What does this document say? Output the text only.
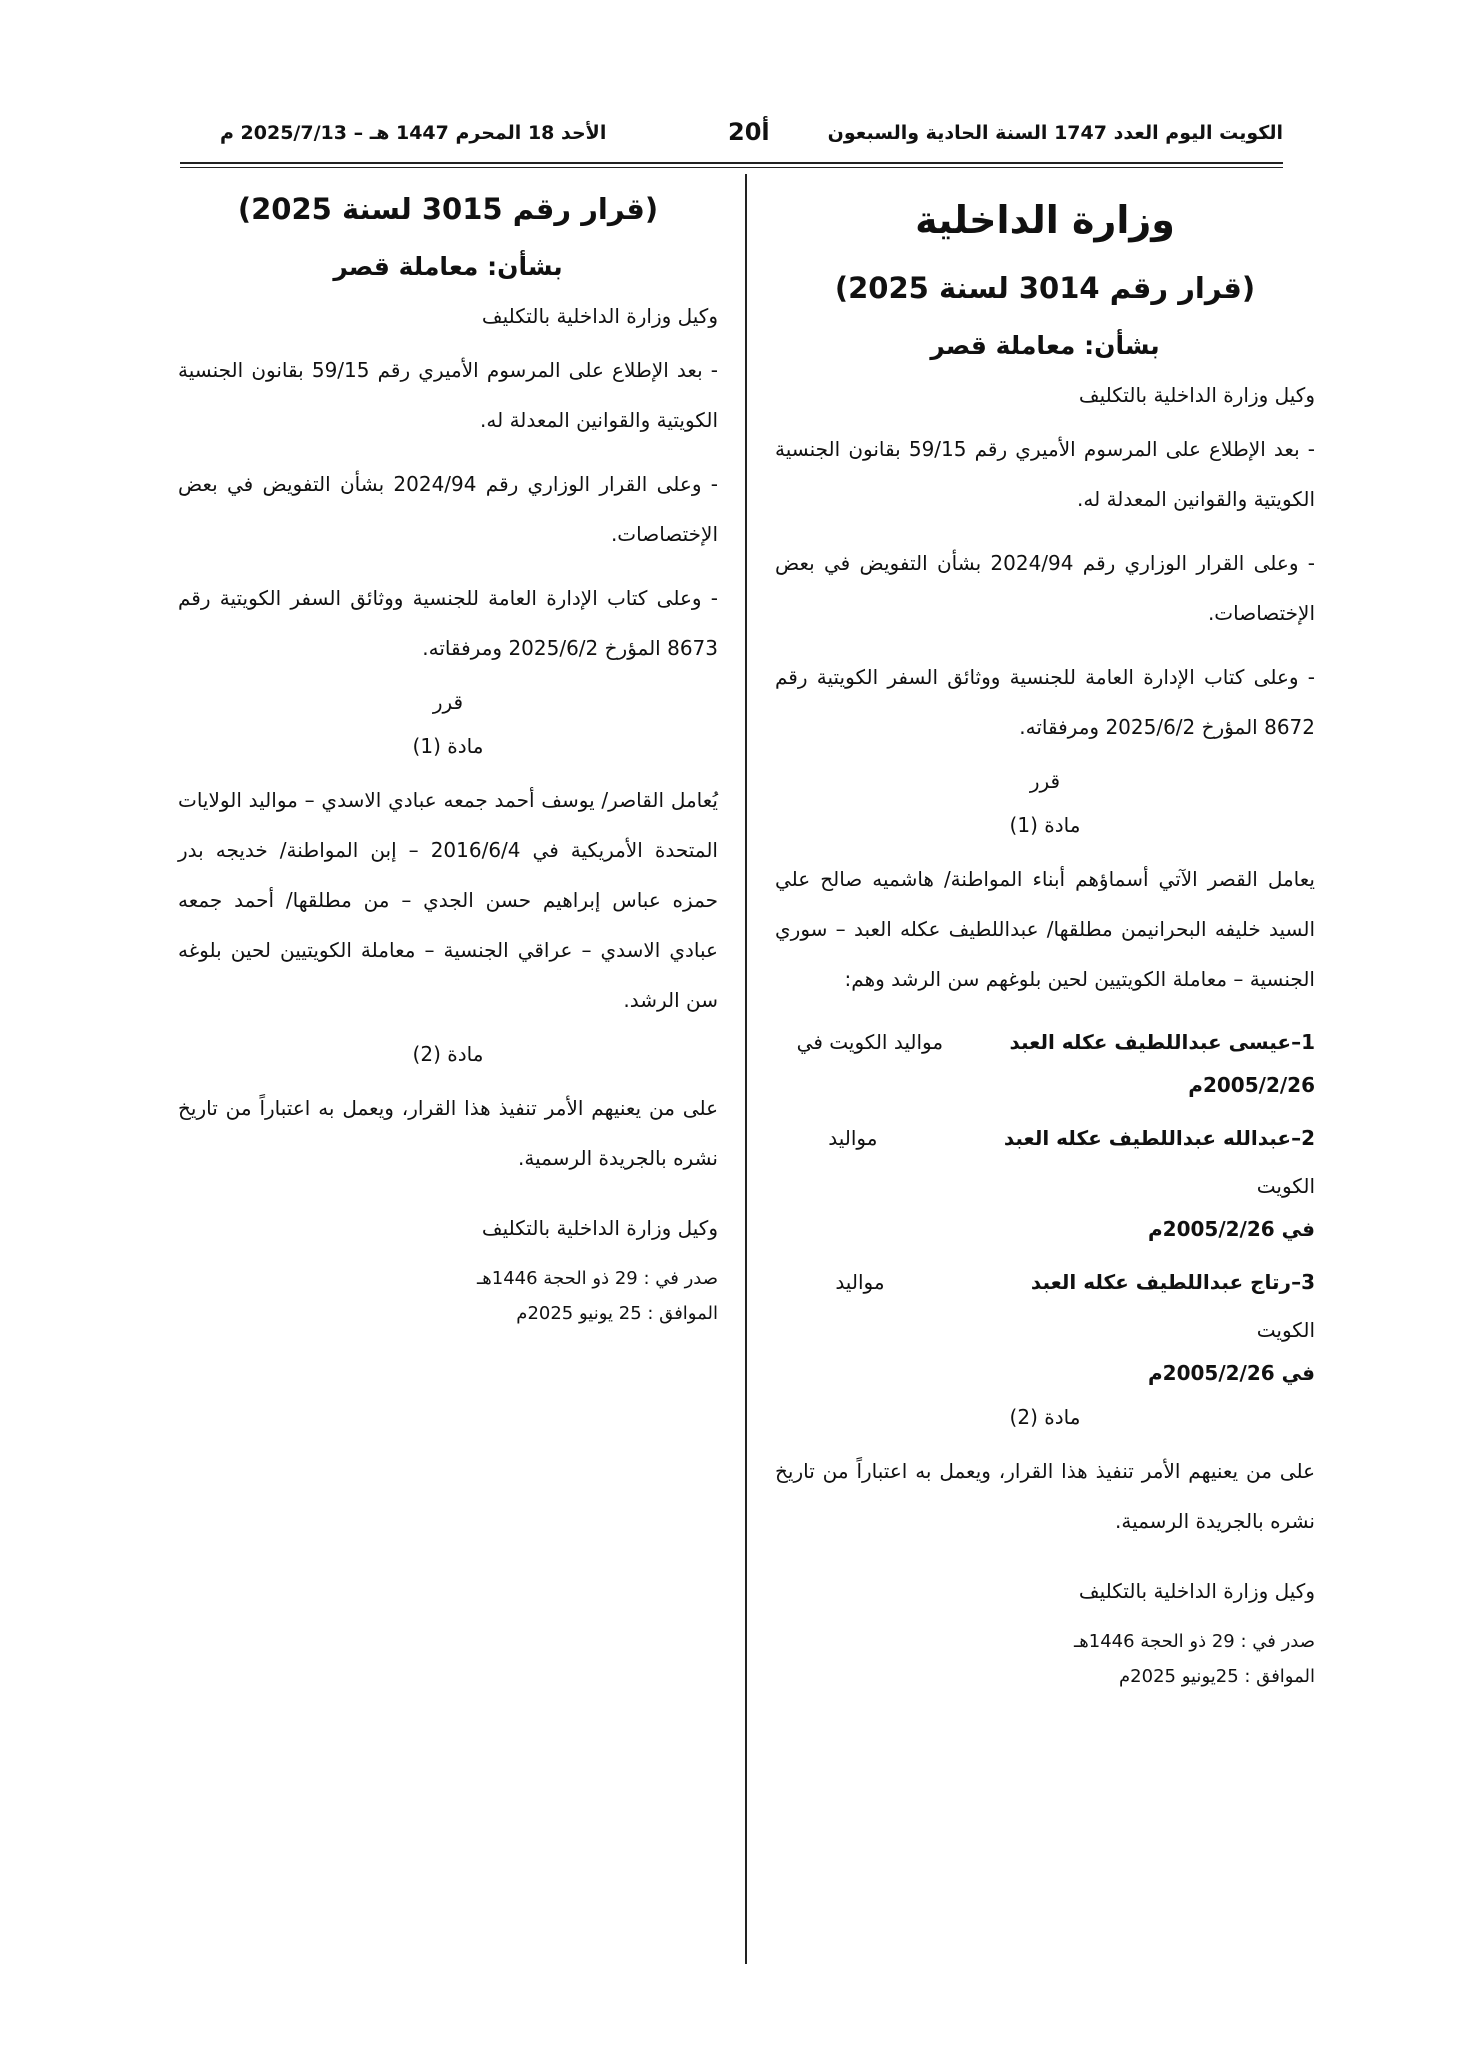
الكويت اليوم العدد 1747 السنة الحادية والسبعون
20أ
الأحد 18 المحرم 1447 هـ – 2025/7/13 م
وزارة الداخلية
(قرار رقم 3014 لسنة 2025)
بشأن: معاملة قصر

وكيل وزارة الداخلية بالتكليف

- بعد الإطلاع على المرسوم الأميري رقم 59/15 بقانون الجنسية الكويتية والقوانين المعدلة له.

- وعلى القرار الوزاري رقم 2024/94 بشأن التفويض في بعض الإختصاصات.

- وعلى كتاب الإدارة العامة للجنسية ووثائق السفر الكويتية رقم 8672 المؤرخ 2025/6/2 ومرفقاته.

قرر

مادة (1)

يعامل القصر الآتي أسماؤهم أبناء المواطنة/ هاشميه صالح علي السيد خليفه البحرانيمن مطلقها/ عبداللطيف عكله العبد – سوري الجنسية – معاملة الكويتيين لحين بلوغهم سن الرشد وهم:

1–عيسى عبداللطيف عكله العبد مواليد الكويت في
2005/2/26م
2–عبدالله عبداللطيف عكله العبد مواليد الكويت
في 2005/2/26م
3–رتاج عبداللطيف عكله العبد مواليد الكويت
في 2005/2/26م

مادة (2)

على من يعنيهم الأمر تنفيذ هذا القرار، ويعمل به اعتباراً من تاريخ نشره بالجريدة الرسمية.

وكيل وزارة الداخلية بالتكليف

صدر في : 29 ذو الحجة 1446هـ

الموافق : 25يونيو 2025م

(قرار رقم 3015 لسنة 2025)
بشأن: معاملة قصر

وكيل وزارة الداخلية بالتكليف

- بعد الإطلاع على المرسوم الأميري رقم 59/15 بقانون الجنسية الكويتية والقوانين المعدلة له.

- وعلى القرار الوزاري رقم 2024/94 بشأن التفويض في بعض الإختصاصات.

- وعلى كتاب الإدارة العامة للجنسية ووثائق السفر الكويتية رقم 8673 المؤرخ 2025/6/2 ومرفقاته.

قرر

مادة (1)

يُعامل القاصر/ يوسف أحمد جمعه عبادي الاسدي – مواليد الولايات المتحدة الأمريكية في 2016/6/4 – إبن المواطنة/ خديجه بدر حمزه عباس إبراهيم حسن الجدي – من مطلقها/ أحمد جمعه عبادي الاسدي – عراقي الجنسية – معاملة الكويتيين لحين بلوغه سن الرشد.

مادة (2)

على من يعنيهم الأمر تنفيذ هذا القرار، ويعمل به اعتباراً من تاريخ نشره بالجريدة الرسمية.

وكيل وزارة الداخلية بالتكليف

صدر في : 29 ذو الحجة 1446هـ

الموافق : 25 يونيو 2025م
